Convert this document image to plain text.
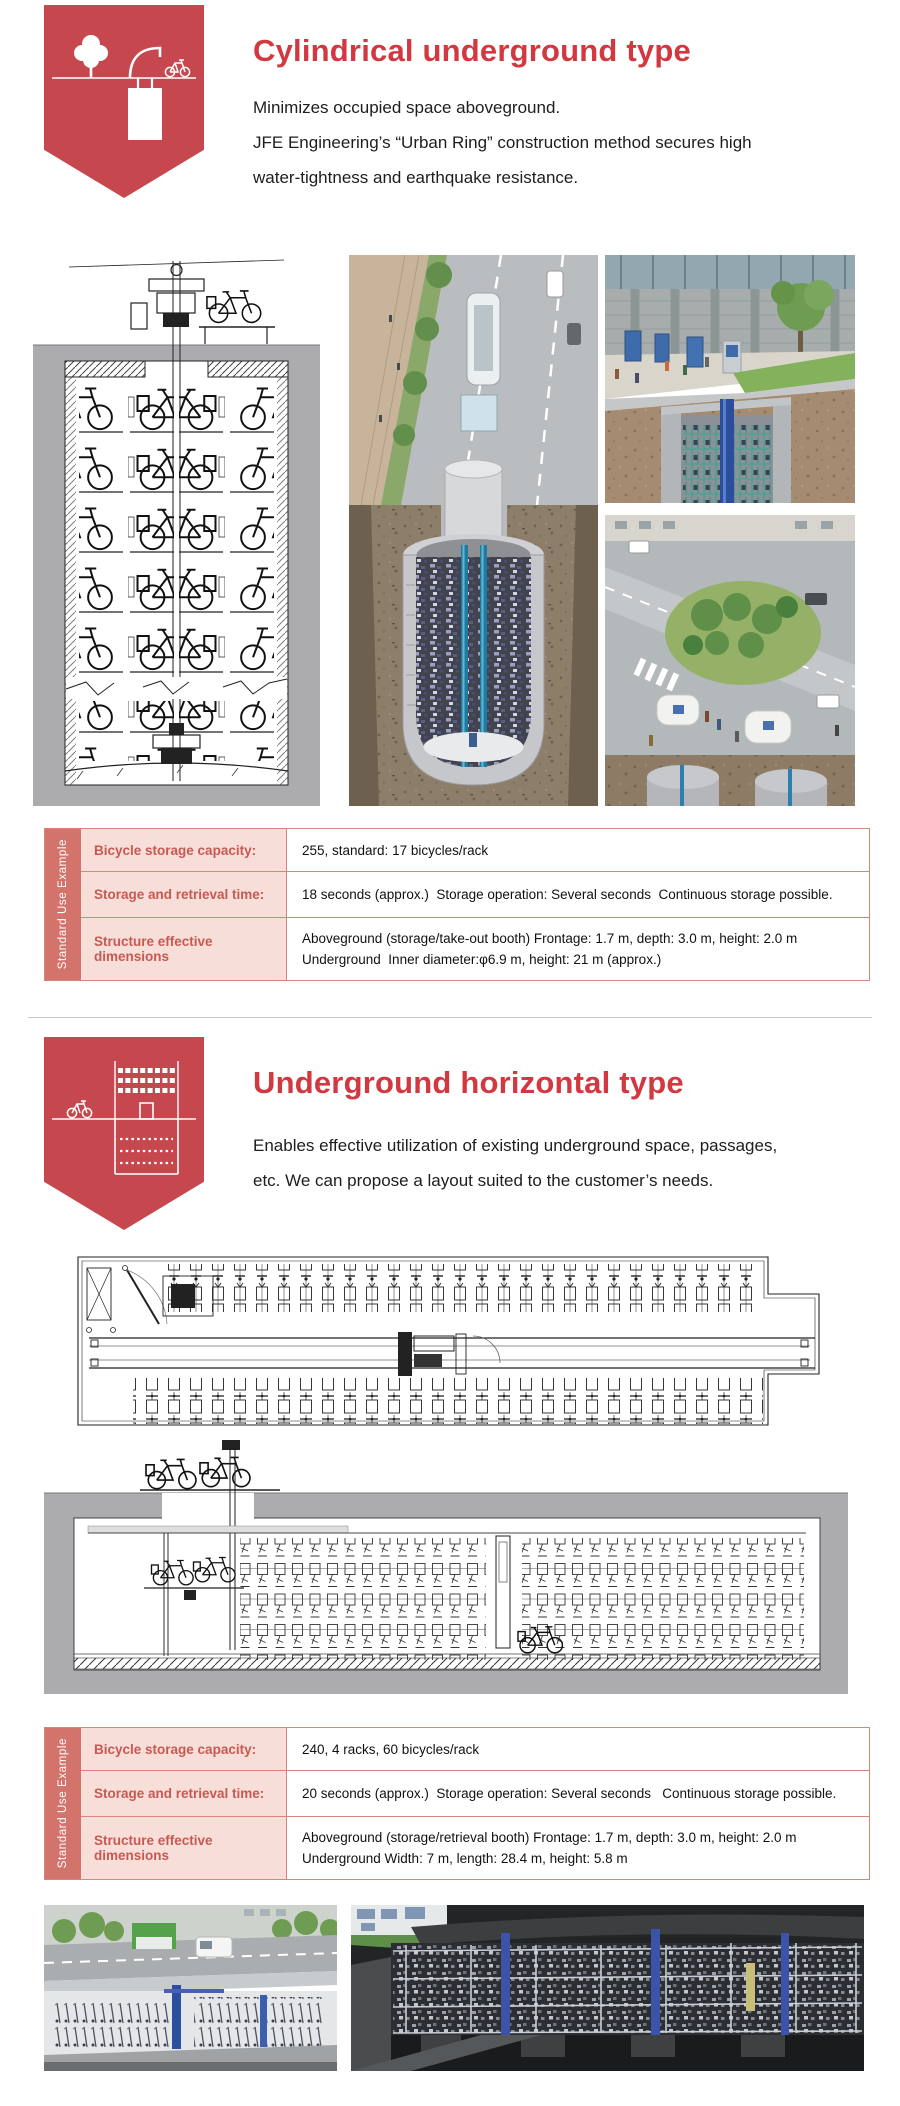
Cylindrical underground type
Minimizes occupied space aboveground.
JFE Engineering’s “Urban Ring” construction method secures high
water-tightness and earthquake resistance.
Standard Use Example	Bicycle storage capacity:	255, standard: 17 bicycles/rack
Storage and retrieval time:	18 seconds (approx.)  Storage operation: Several seconds  Continuous storage possible.
Structure effective dimensions
Aboveground (storage/take-out booth) Frontage: 1.7 m, depth: 3.0 m, height: 2.0 m
Underground  Inner diameter:φ6.9 m, height: 21 m (approx.)
Underground horizontal type
Enables effective utilization of existing underground space, passages,
etc. We can propose a layout suited to the customer’s needs.
Standard Use Example	Bicycle storage capacity:	240, 4 racks, 60 bicycles/rack
Storage and retrieval time:	20 seconds (approx.)  Storage operation: Several seconds   Continuous storage possible.
Structure effective dimensions
Aboveground (storage/retrieval booth) Frontage: 1.7 m, depth: 3.0 m, height: 2.0 m
Underground Width: 7 m, length: 28.4 m, height: 5.8 m
